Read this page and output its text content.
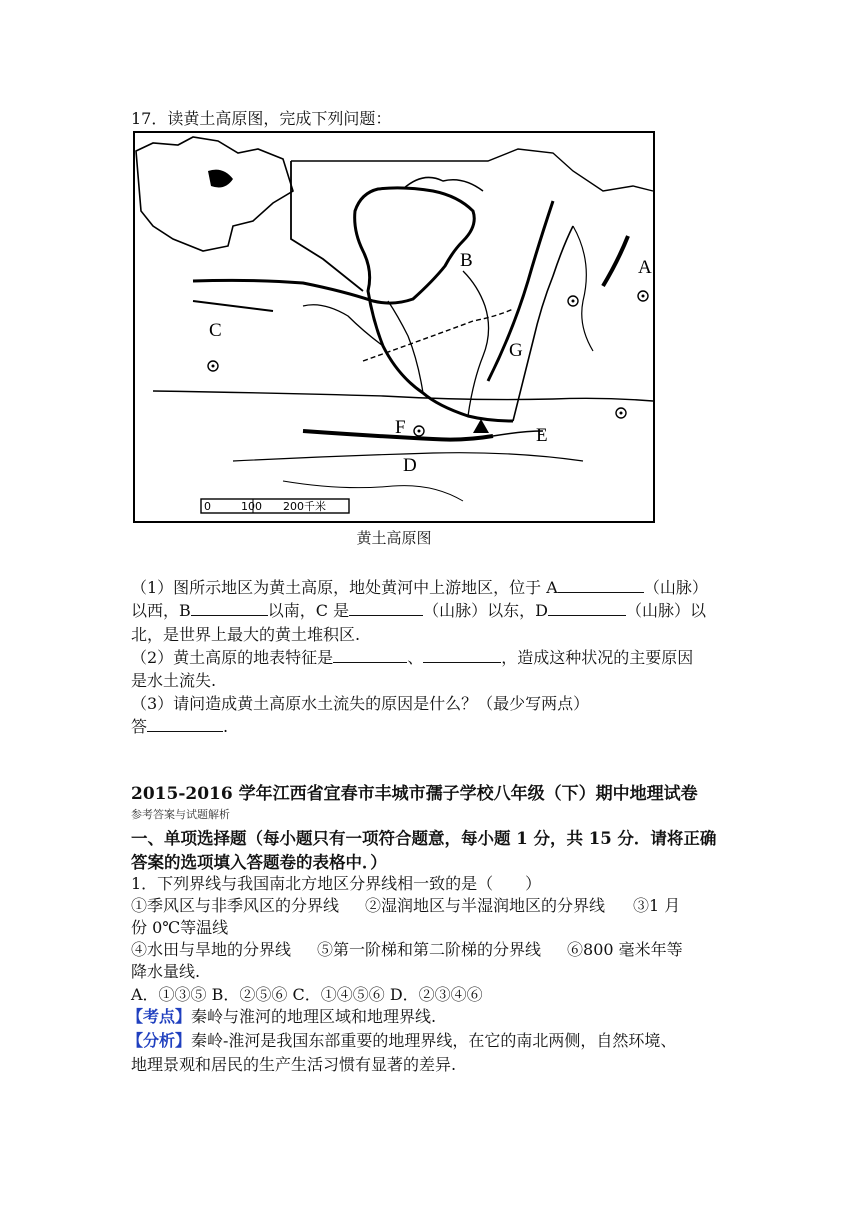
17．读黄土高原图，完成下列问题：
A
B
C
D
E
F
G
0	100 200千米
黄土高原图
（1）图所示地区为黄土高原，地处黄河中上游地区，位于 A	（山脉）
以西，B	以南，C 是	（山脉）以东，D	（山脉）以
北，是世界上最大的黄土堆积区.
（2）黄土高原的地表特征是	、	，造成这种状况的主要原因
是水土流失.
（3）请问造成黄土高原水土流失的原因是什么？（最少写两点）
答	.
2015-2016 学年江西省宜春市丰城市孺子学校八年级（下）期中地理试卷
参考答案与试题解析
一、单项选择题（每小题只有一项符合题意，每小题 1 分，共 15 分．请将正确
答案的选项填入答题卷的表格中．）
1．下列界线与我国南北方地区分界线相一致的是（　　）
①季风区与非季风区的分界线 ②湿润地区与半湿润地区的分界线 ③1 月
份 0℃等温线
④水田与旱地的分界线 ⑤第一阶梯和第二阶梯的分界线 ⑥800 毫米年等
降水量线.
A．①③⑤ B．②⑤⑥ C．①④⑤⑥ D．②③④⑥
【考点】秦岭与淮河的地理区域和地理界线.
【分析】秦岭-淮河是我国东部重要的地理界线，在它的南北两侧，自然环境、
地理景观和居民的生产生活习惯有显著的差异.
